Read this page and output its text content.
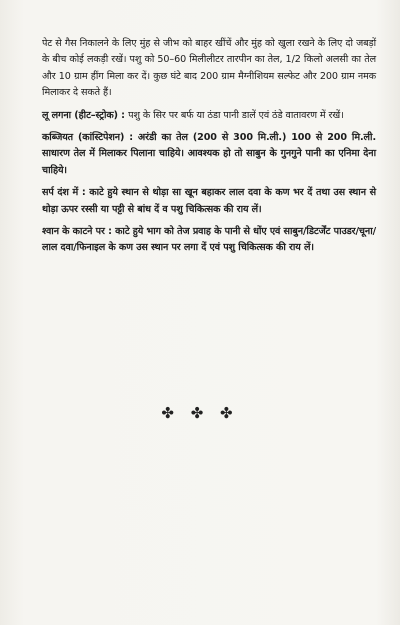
पेट से गैस निकालने के लिए मुंह से जीभ को बाहर खींचें और मुंह को खुला रखने के लिए दो जबड़ों के बीच कोई लकड़ी रखें। पशु को 50–60 मिलीलीटर तारपीन का तेल, 1/2 किलो अलसी का तेल और 10 ग्राम हींग मिला कर दें। कुछ घंटे बाद 200 ग्राम मैग्नीशियम सल्फेट और 200 ग्राम नमक मिलाकर दे सकते हैं।

लू लगना (हीट–स्ट्रोक) : पशु के सिर पर बर्फ या ठंडा पानी डालें एवं ठंडे वातावरण में रखें।

कब्जियत (कांस्टिपेशन) : अरंडी का तेल (200 से 300 मि.ली.) 100 से 200 मि.ली. साधारण तेल में मिलाकर पिलाना चाहिये। आवश्यक हो तो साबुन के गुनगुने पानी का एनिमा देना चाहिये।

सर्प दंश में : काटे हुये स्थान से थोड़ा सा खून बहाकर लाल दवा के कण भर दें तथा उस स्थान से थोड़ा ऊपर रस्सी या पट्टी से बांध दें व पशु चिकित्सक की राय लें।

श्वान के काटने पर : काटे हुये भाग को तेज प्रवाह के पानी से धोंए एवं साबुन/डिटर्जेंट पाउडर/चूना/लाल दवा/फिनाइल के कण उस स्थान पर लगा दें एवं पशु चिकित्सक की राय लें।

✤ ✤ ✤
